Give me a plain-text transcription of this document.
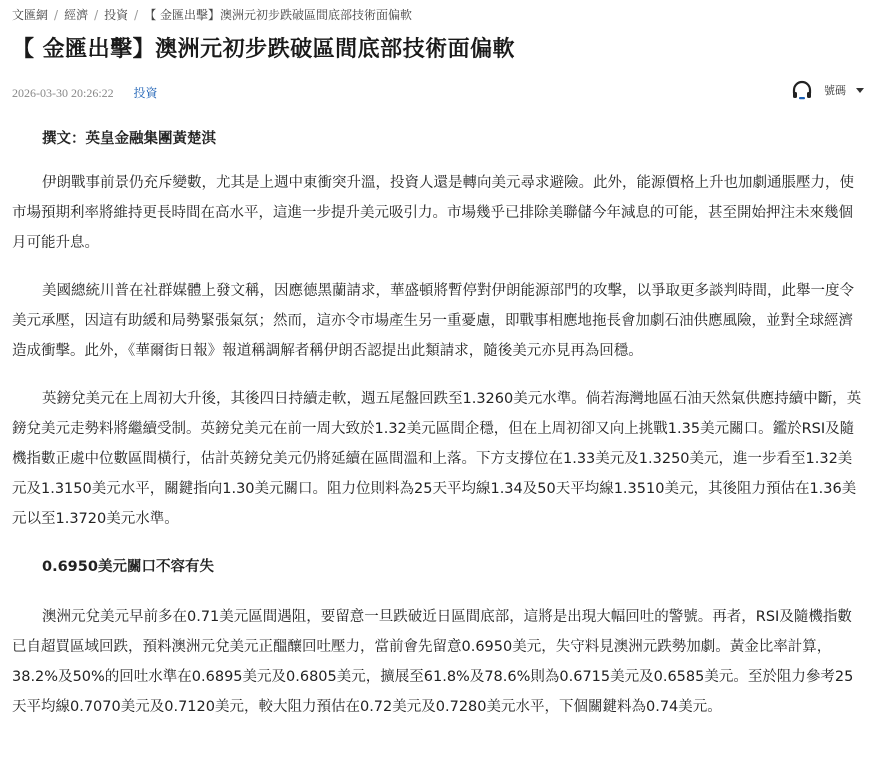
文匯網 / 經濟 / 投資 / 【 金匯出擊】澳洲元初步跌破區間底部技術面偏軟
【 金匯出擊】澳洲元初步跌破區間底部技術面偏軟
2026-03-30 20:26:22 投資	號碼

撰文：英皇金融集團黃楚淇

伊朗戰事前景仍充斥變數，尤其是上週中東衝突升溫，投資人還是轉向美元尋求避險。此外，能源價格上升也加劇通脹壓力，使市場預期利率將維持更長時間在高水平，這進一步提升美元吸引力。市場幾乎已排除美聯儲今年減息的可能，甚至開始押注未來幾個月可能升息。

美國總統川普在社群媒體上發文稱，因應德黑蘭請求，華盛頓將暫停對伊朗能源部門的攻擊，以爭取更多談判時間，此舉一度令美元承壓，因這有助緩和局勢緊張氣氛；然而，這亦令市場產生另一重憂慮，即戰事相應地拖長會加劇石油供應風險，並對全球經濟造成衝擊。此外，《華爾街日報》報道稱調解者稱伊朗否認提出此類請求，隨後美元亦見再為回穩。

英鎊兌美元在上周初大升後，其後四日持續走軟，週五尾盤回跌至1.3260美元水準。倘若海灣地區石油天然氣供應持續中斷，英鎊兌美元走勢料將繼續受制。英鎊兌美元在前一周大致於1.32美元區間企穩，但在上周初卻又向上挑戰1.35美元關口。鑑於RSI及隨機指數正處中位數區間橫行，估計英鎊兌美元仍將延續在區間溫和上落。下方支撐位在1.33美元及1.3250美元，進一步看至1.32美元及1.3150美元水平，關鍵指向1.30美元關口。阻力位則料為25天平均線1.34及50天平均線1.3510美元，其後阻力預估在1.36美元以至1.3720美元水準。

0.6950美元關口不容有失

澳洲元兌美元早前多在0.71美元區間遇阻，要留意一旦跌破近日區間底部，這將是出現大幅回吐的警號。再者，RSI及隨機指數已自超買區域回跌，預料澳洲元兌美元正醞釀回吐壓力，當前會先留意0.6950美元，失守料見澳洲元跌勢加劇。黃金比率計算，38.2%及50%的回吐水準在0.6895美元及0.6805美元，擴展至61.8%及78.6%則為0.6715美元及0.6585美元。至於阻力參考25天平均線0.7070美元及0.7120美元，較大阻力預估在0.72美元及0.7280美元水平，下個關鍵料為0.74美元。
